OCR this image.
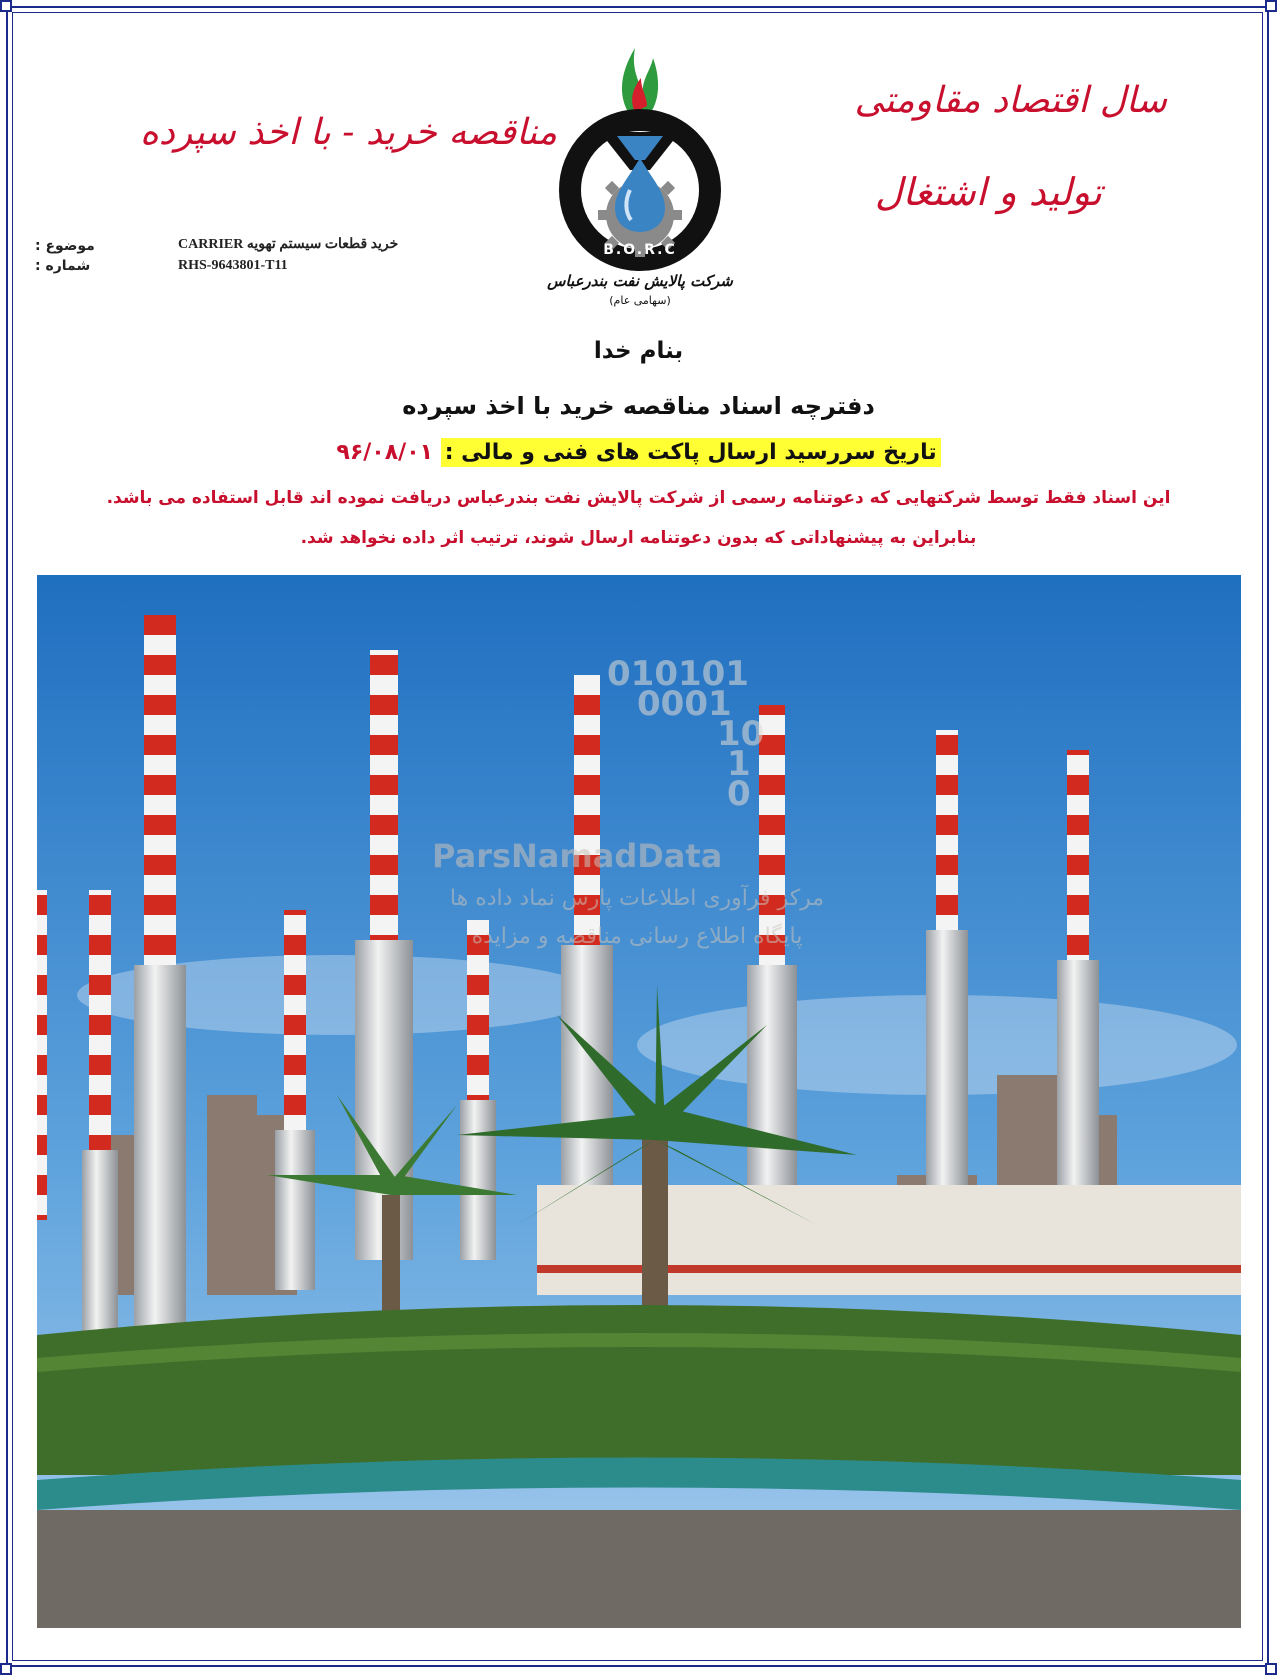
سال اقتصاد مقاومتی
تولید و اشتغال
مناقصه خرید - با اخذ سپرده
موضوع :	CARRIER خرید قطعات سیستم تهویه
شماره :	RHS-9643801-T11
B.O.R.C
شرکت پالایش نفت بندرعباس
(سهامی عام)
بنام خدا
دفترچه اسناد مناقصه خرید با اخذ سپرده
تاریخ سررسید ارسال پاکت های فنی و مالی : ۹۶/۰۸/۰۱
این اسناد فقط توسط شرکتهایی که دعوتنامه رسمی از شرکت پالایش نفت بندرعباس دریافت نموده اند قابل استفاده می باشد.
بنابراین به پیشنهاداتی که بدون دعوتنامه ارسال شوند، ترتیب اثر داده نخواهد شد.
010101
0001
10
1
0
ParsNamadData
مرکز فرآوری اطلاعات پارس نماد داده ها
پایگاه اطلاع رسانی مناقصه و مزایده
